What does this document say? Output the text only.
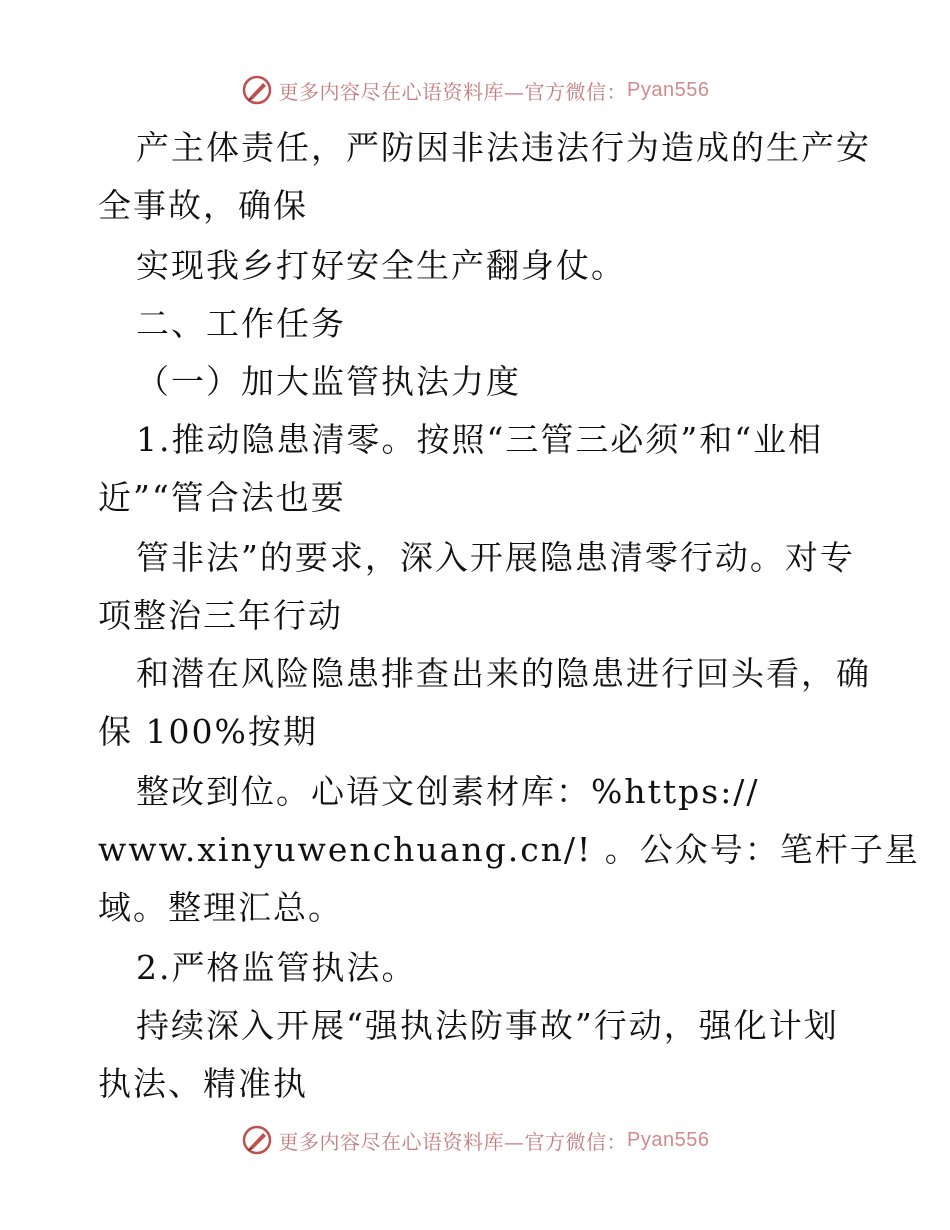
更多内容尽在心语资料库—官方微信： Pyan556
产主体责任，严防因非法违法行为造成的生产安
全事故，确保
实现我乡打好安全生产翻身仗。
二、工作任务
（一）加大监管执法力度
1.推动隐患清零。按照“三管三必须”和“业相
近”“管合法也要
管非法”的要求，深入开展隐患清零行动。对专
项整治三年行动
和潜在风险隐患排查出来的隐患进行回头看，确
保 100%按期
整改到位。心语文创素材库：%https://
www.xinyuwenchuang.cn/! 。公众号：笔杆子星
域。整理汇总。
2.严格监管执法。
持续深入开展“强执法防事故”行动，强化计划
执法、精准执
更多内容尽在心语资料库—官方微信： Pyan556
